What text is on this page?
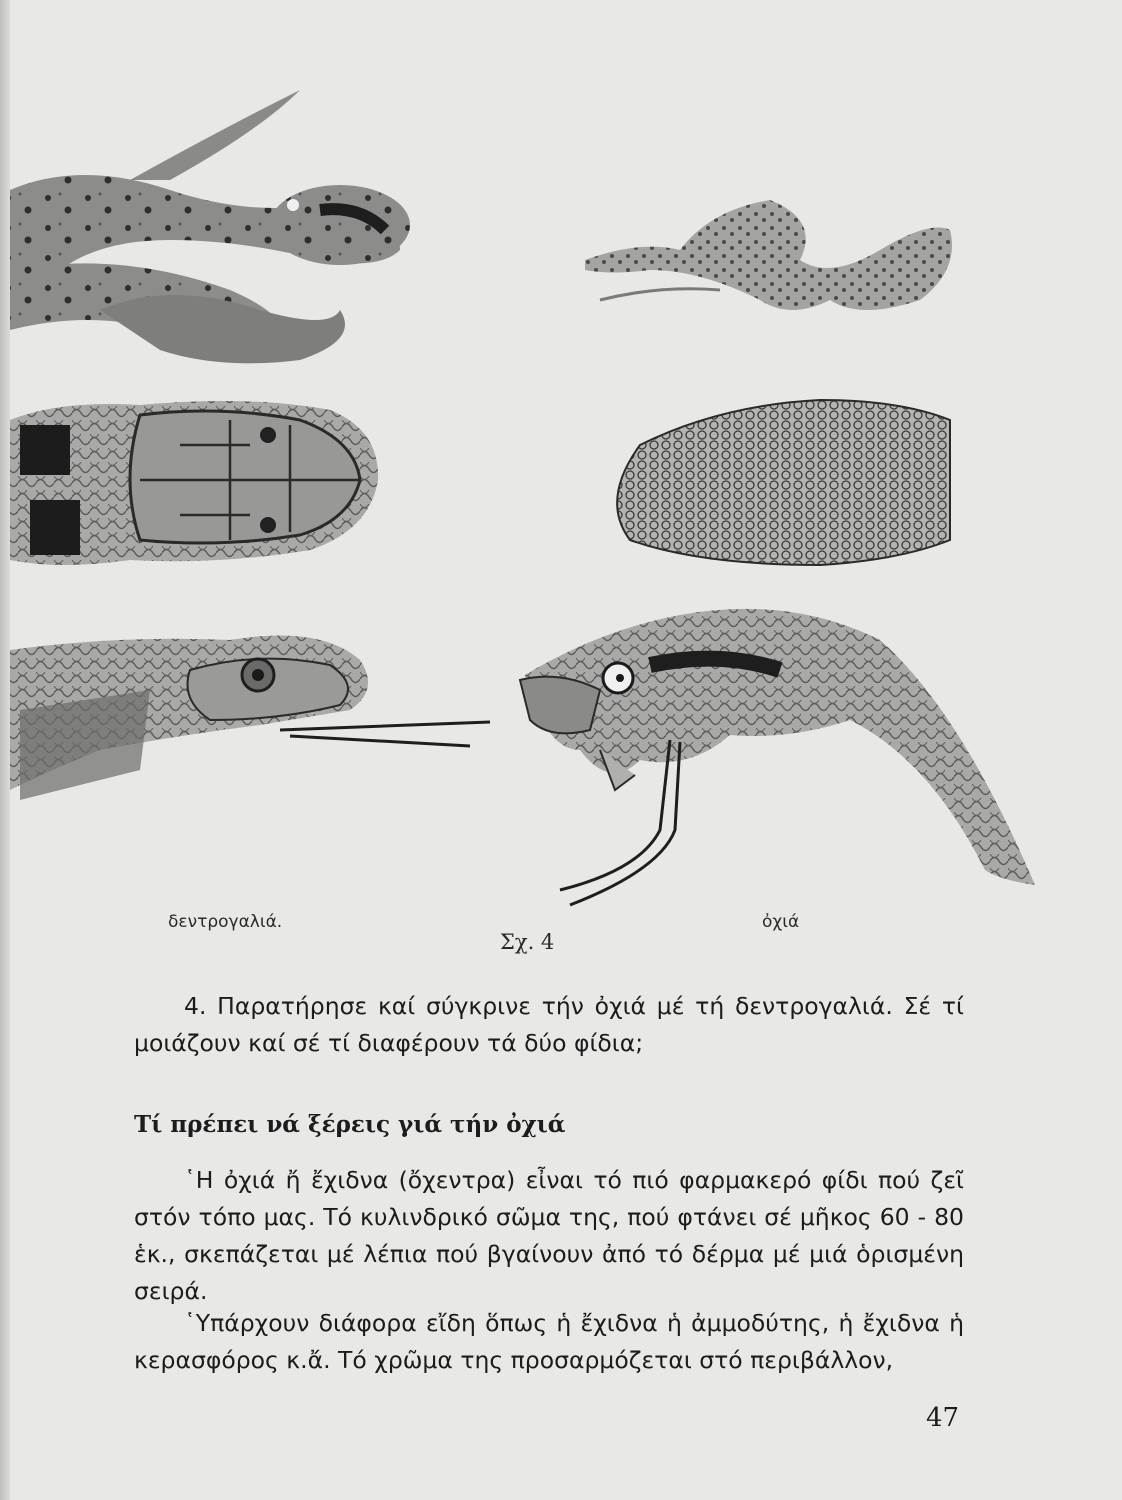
δεντρογαλιά.	ὀχιά
Σχ. 4
4. Παρατήρησε καί σύγκρινε τήν ὀχιά μέ τή δεντρογαλιά. Σέ τί μοιάζουν καί σέ τί διαφέρουν τά δύο φίδια;
Τί πρέπει νά ξέρεις γιά τήν ὀχιά
῾Η ὀχιά ἤ ἔχιδνα (ὄχεντρα) εἶναι τό πιό φαρμακερό φίδι πού ζεῖ στόν τόπο μας. Τό κυλινδρικό σῶμα της, πού φτάνει σέ μῆκος 60 - 80 ἑκ., σκεπάζεται μέ λέπια πού βγαίνουν ἀπό τό δέρμα μέ μιά ὁρισμένη σειρά.
῾Υπάρχουν διάφορα εἴδη ὅπως ἡ ἔχιδνα ἡ ἀμμοδύτης, ἡ ἔχιδνα ἡ κερασφόρος κ.ἄ. Τό χρῶμα της προσαρμόζεται στό περιβάλλον,
47
